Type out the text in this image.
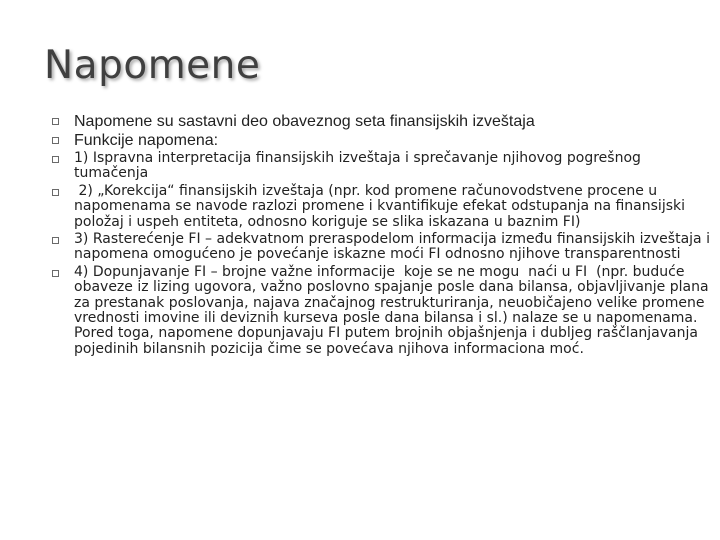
Napomene
Napomene su sastavni deo obaveznog seta finansijskih izveštaja
Funkcije napomena:
1) Ispravna interpretacija finansijskih izveštaja i sprečavanje njihovog pogrešnog tumačenja
2) „Korekcija“ finansijskih izveštaja (npr. kod promene računovodstvene procene u napomenama se navode razlozi promene i kvantifikuje efekat odstupanja na finansijski položaj i uspeh entiteta, odnosno koriguje se slika iskazana u baznim FI)
3) Rasterećenje FI – adekvatnom preraspodelom informacija između finansijskih izveštaja i napomena omogućeno je povećanje iskazne moći FI odnosno njihove transparentnosti
4) Dopunjavanje FI – brojne važne informacije  koje se ne mogu  naći u FI  (npr. buduće obaveze iz lizing ugovora, važno poslovno spajanje posle dana bilansa, objavljivanje plana za prestanak poslovanja, najava značajnog restrukturiranja, neuobičajeno velike promene vrednosti imovine ili deviznih kurseva posle dana bilansa i sl.) nalaze se u napomenama.  Pored toga, napomene dopunjavaju FI putem brojnih objašnjenja i dubljeg raščlanjavanja pojedinih bilansnih pozicija čime se povećava njihova informaciona moć.
